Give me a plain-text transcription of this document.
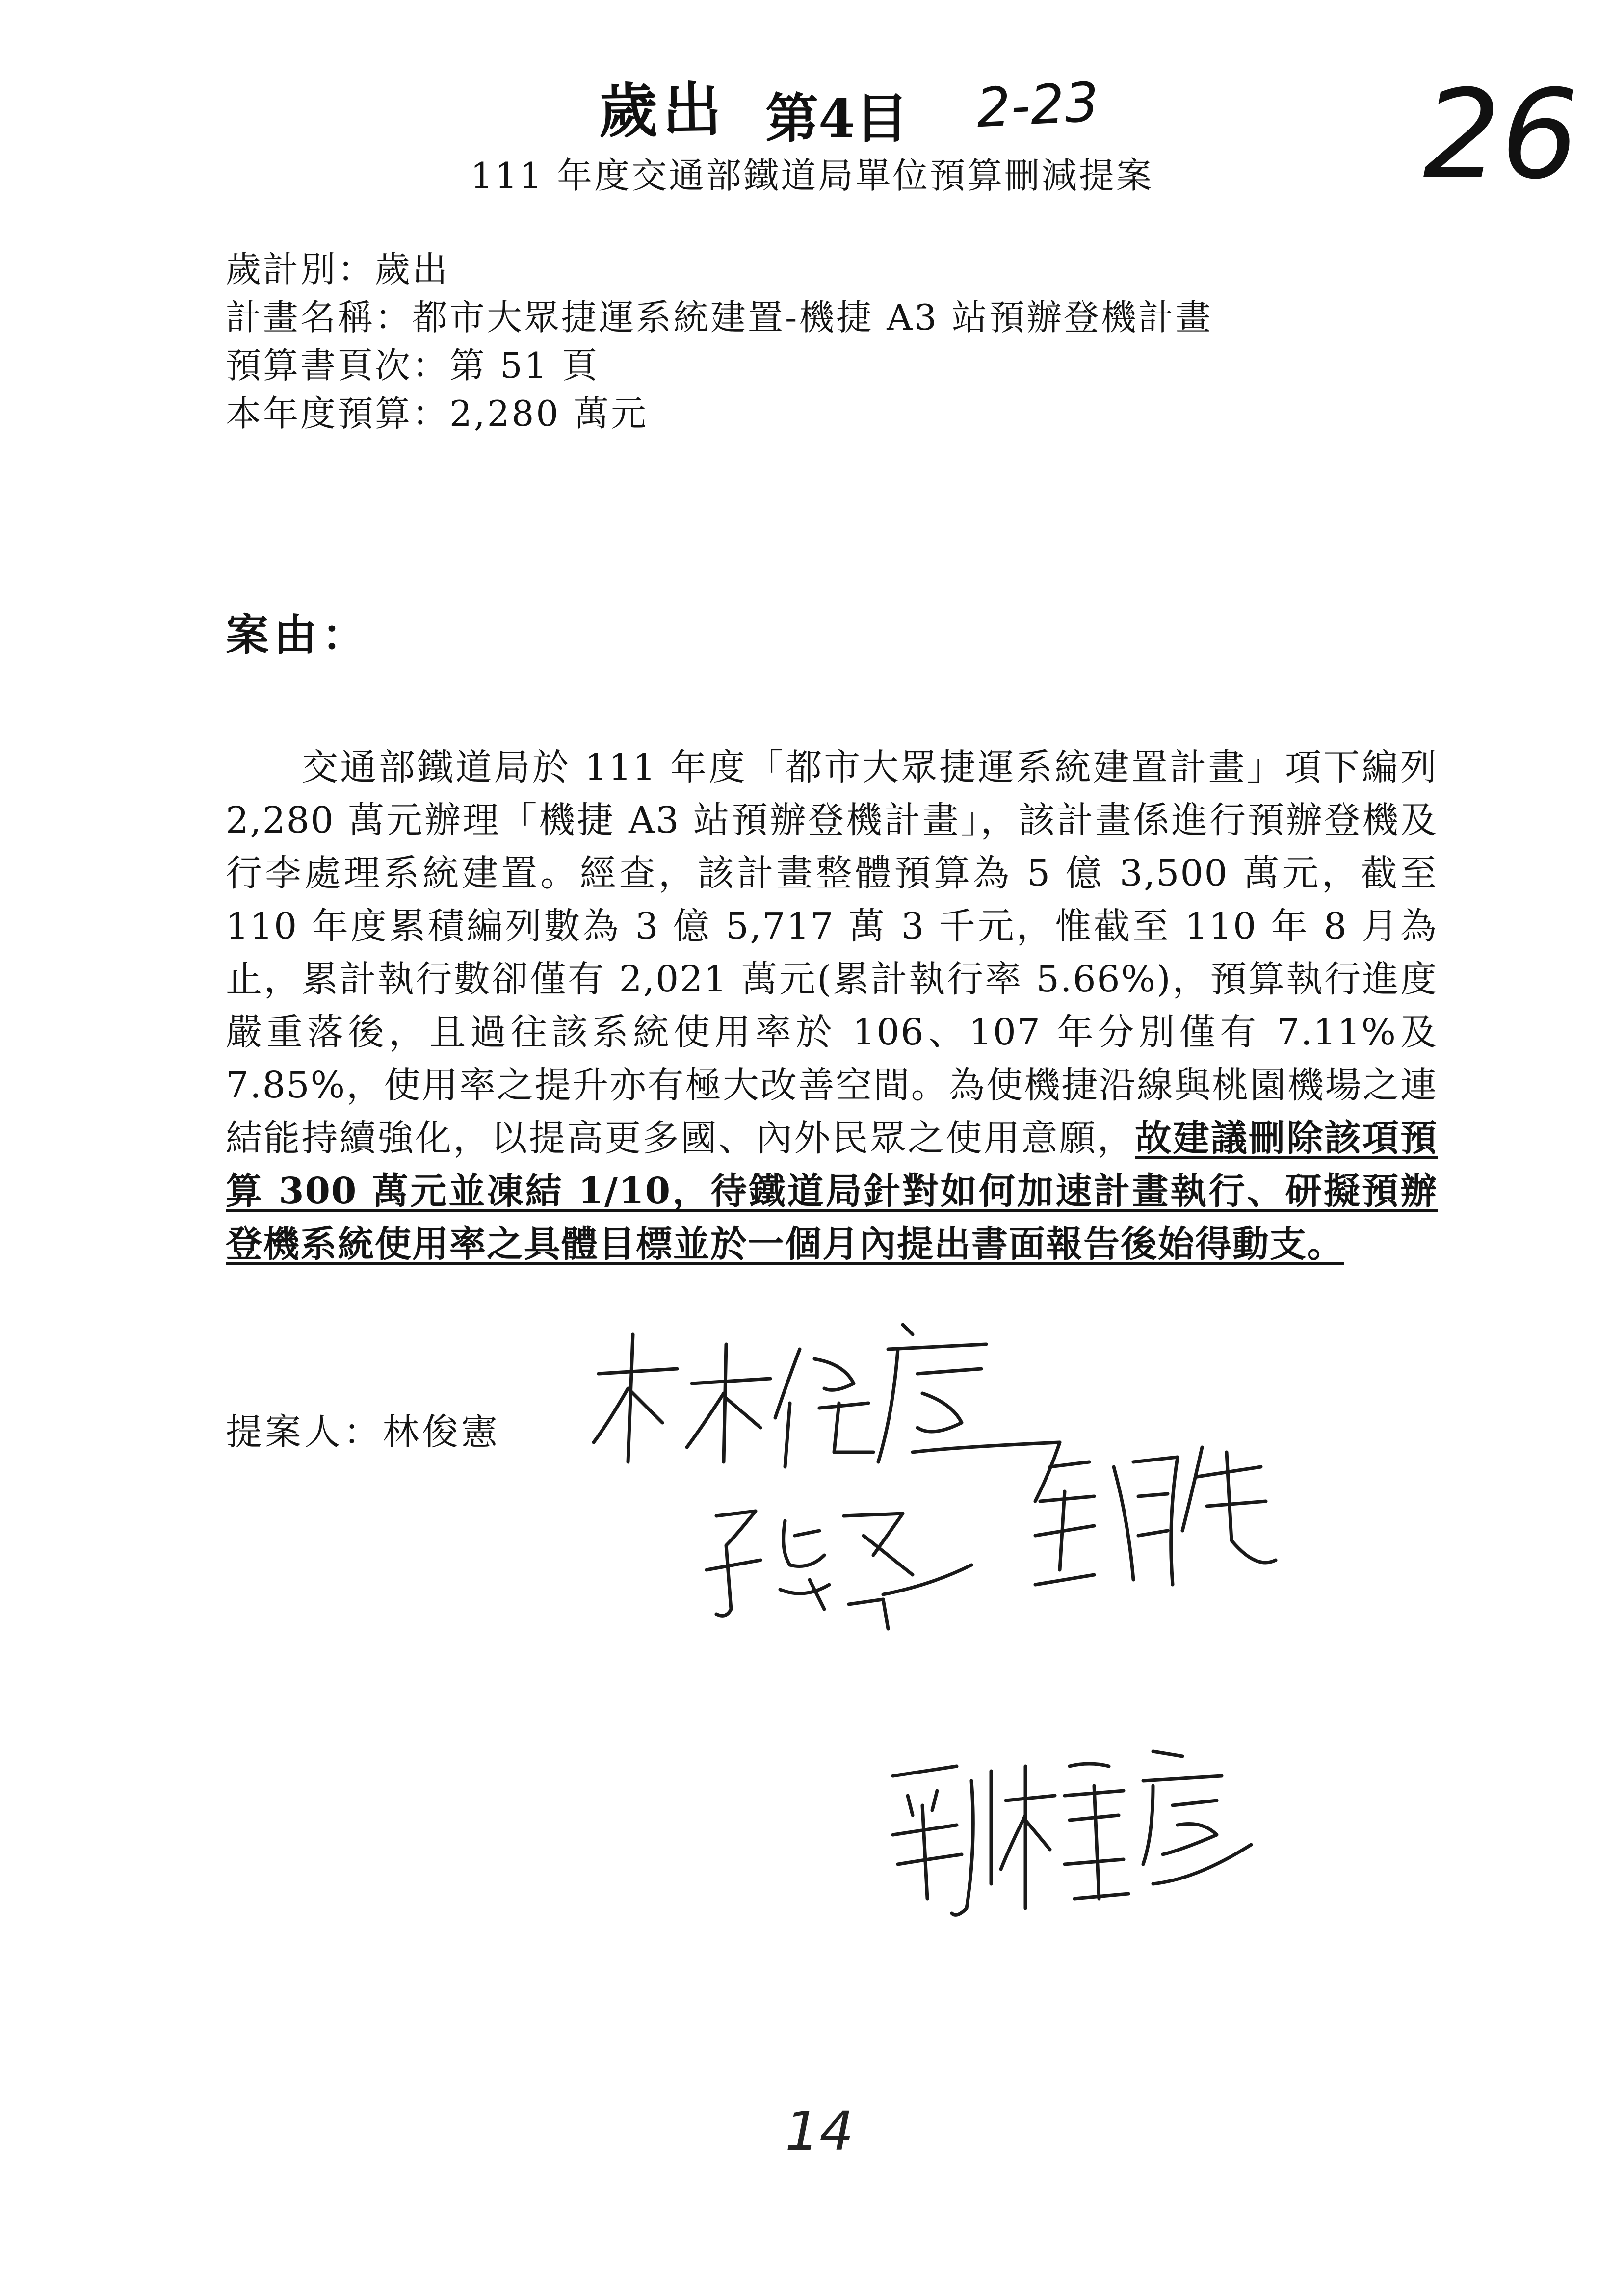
歲出 第4目 2-23	26
111 年度交通部鐵道局單位預算刪減提案
歲計別：歲出
計畫名稱：都市大眾捷運系統建置-機捷 A3 站預辦登機計畫
預算書頁次：第 51 頁
本年度預算：2,280 萬元
案由：
交通部鐵道局於 111 年度「都市大眾捷運系統建置計畫」項下編列 2,280 萬元辦理「機捷 A3 站預辦登機計畫」，該計畫係進行預辦登機及行李處理系統建置。經查，該計畫整體預算為 5 億 3,500 萬元，截至 110 年度累積編列數為 3 億 5,717 萬 3 千元，惟截至 110 年 8 月為止，累計執行數卻僅有 2,021 萬元(累計執行率 5.66%)，預算執行進度嚴重落後，且過往該系統使用率於 106、107 年分別僅有 7.11%及 7.85%，使用率之提升亦有極大改善空間。為使機捷沿線與桃園機場之連結能持續強化，以提高更多國、內外民眾之使用意願，故建議刪除該項預算 300 萬元並凍結 1/10，待鐵道局針對如何加速計畫執行、研擬預辦登機系統使用率之具體目標並於一個月內提出書面報告後始得動支。
提案人：林俊憲
14
